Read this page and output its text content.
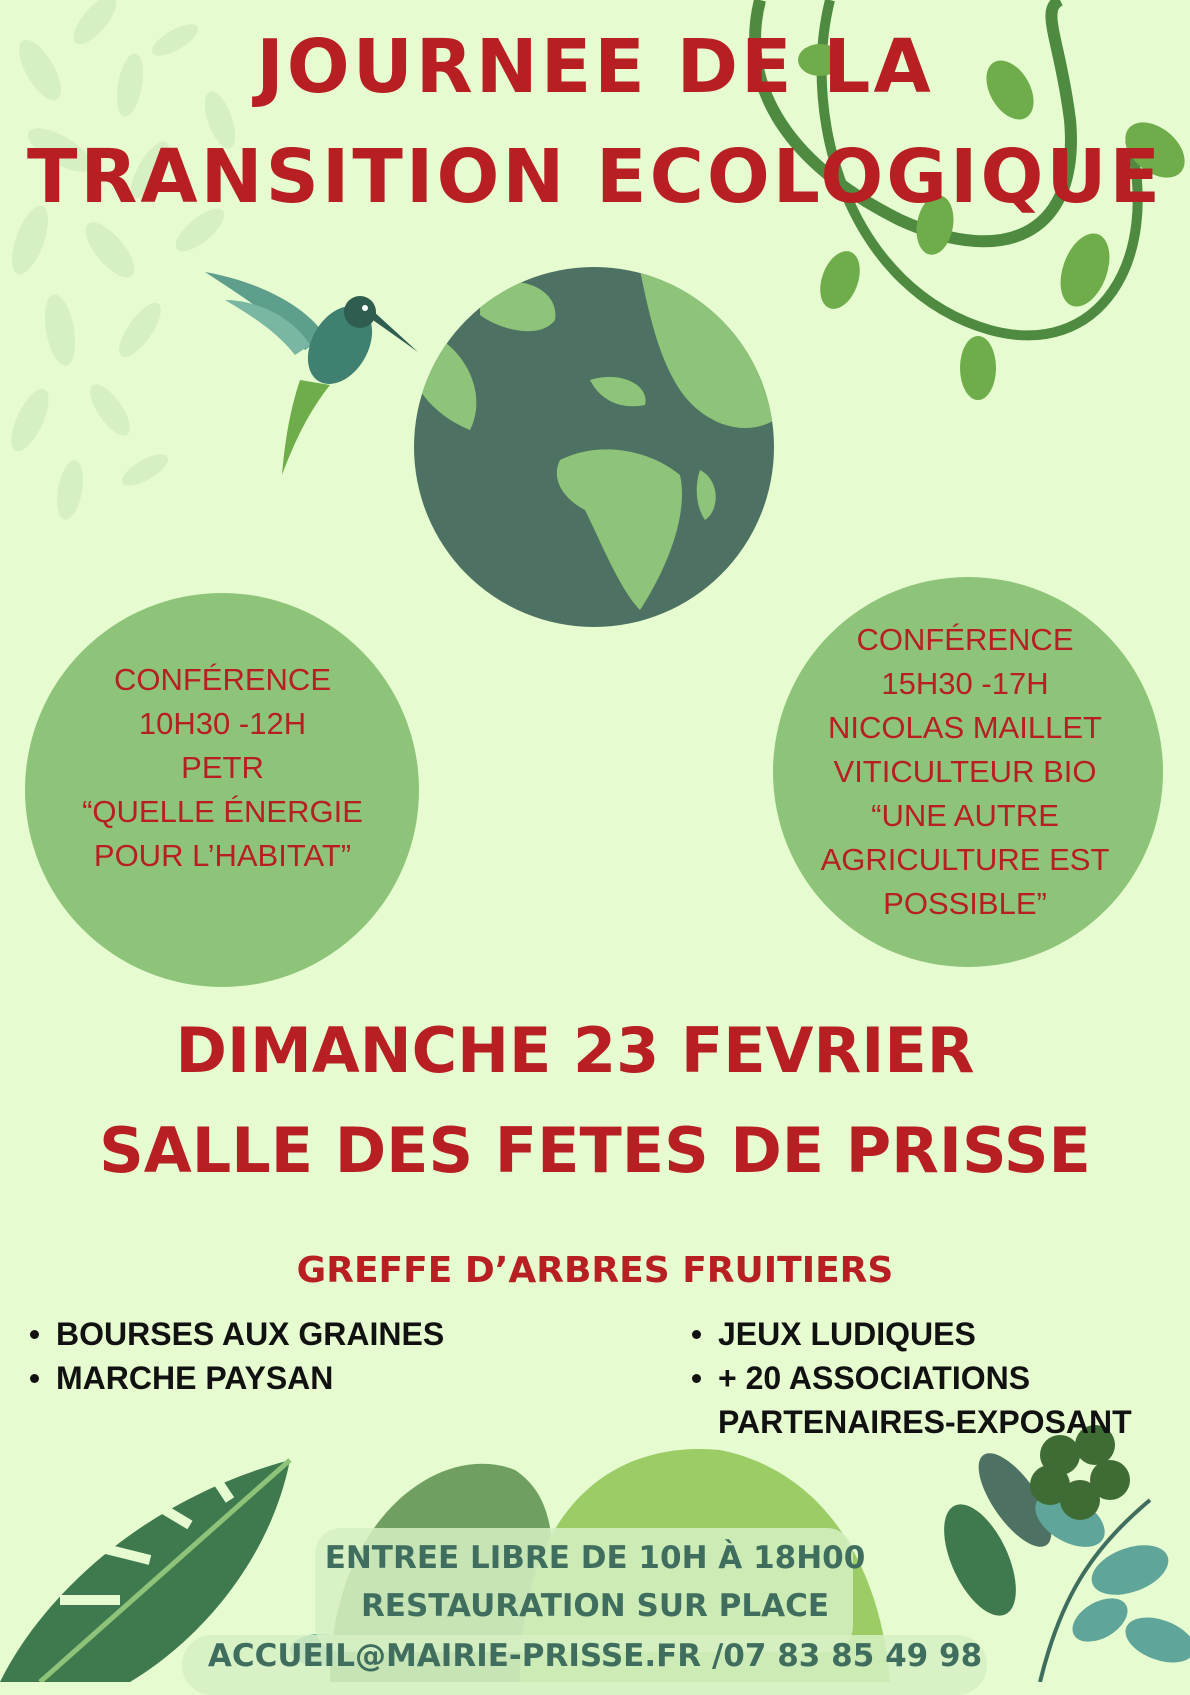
JOURNEE DE LA
TRANSITION ECOLOGIQUE
CONFÉRENCE
10H30 -12H
PETR
“QUELLE ÉNERGIE
POUR L’HABITAT”
CONFÉRENCE
15H30 -17H
NICOLAS MAILLET
VITICULTEUR BIO
“UNE AUTRE
AGRICULTURE EST
POSSIBLE”
DIMANCHE 23 FEVRIER
SALLE DES FETES DE PRISSE
GREFFE D’ARBRES FRUITIERS
BOURSES AUX GRAINES
MARCHE PAYSAN
JEUX LUDIQUES
+ 20 ASSOCIATIONS
PARTENAIRES-EXPOSANT
ENTREE LIBRE DE 10H À 18H00
RESTAURATION SUR PLACE
ACCUEIL@MAIRIE-PRISSE.FR /07 83 85 49 98
